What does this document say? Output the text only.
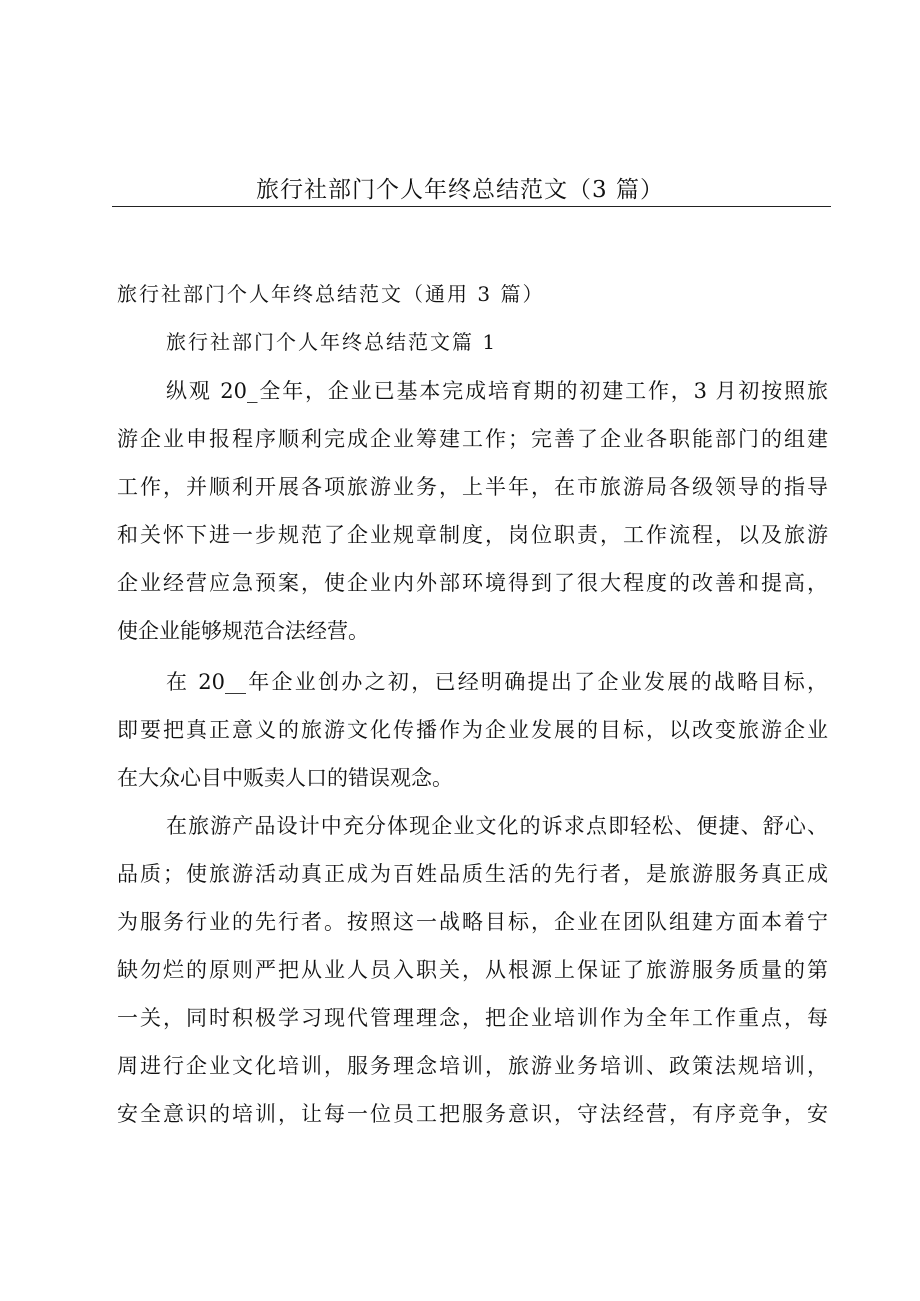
旅行社部门个人年终总结范文（3 篇）
旅行社部门个人年终总结范文（通用 3 篇）
旅行社部门个人年终总结范文篇 1
纵观 20_全年，企业已基本完成培育期的初建工作，3 月初按照旅
游企业申报程序顺利完成企业筹建工作；完善了企业各职能部门的组建
工作，并顺利开展各项旅游业务，上半年，在市旅游局各级领导的指导
和关怀下进一步规范了企业规章制度，岗位职责，工作流程，以及旅游
企业经营应急预案，使企业内外部环境得到了很大程度的改善和提高，
使企业能够规范合法经营。
在 20__年企业创办之初，已经明确提出了企业发展的战略目标，
即要把真正意义的旅游文化传播作为企业发展的目标，以改变旅游企业
在大众心目中贩卖人口的错误观念。
在旅游产品设计中充分体现企业文化的诉求点即轻松、便捷、舒心、
品质；使旅游活动真正成为百姓品质生活的先行者，是旅游服务真正成
为服务行业的先行者。按照这一战略目标，企业在团队组建方面本着宁
缺勿烂的原则严把从业人员入职关，从根源上保证了旅游服务质量的第
一关，同时积极学习现代管理理念，把企业培训作为全年工作重点，每
周进行企业文化培训，服务理念培训，旅游业务培训、政策法规培训，
安全意识的培训，让每一位员工把服务意识，守法经营，有序竞争，安
